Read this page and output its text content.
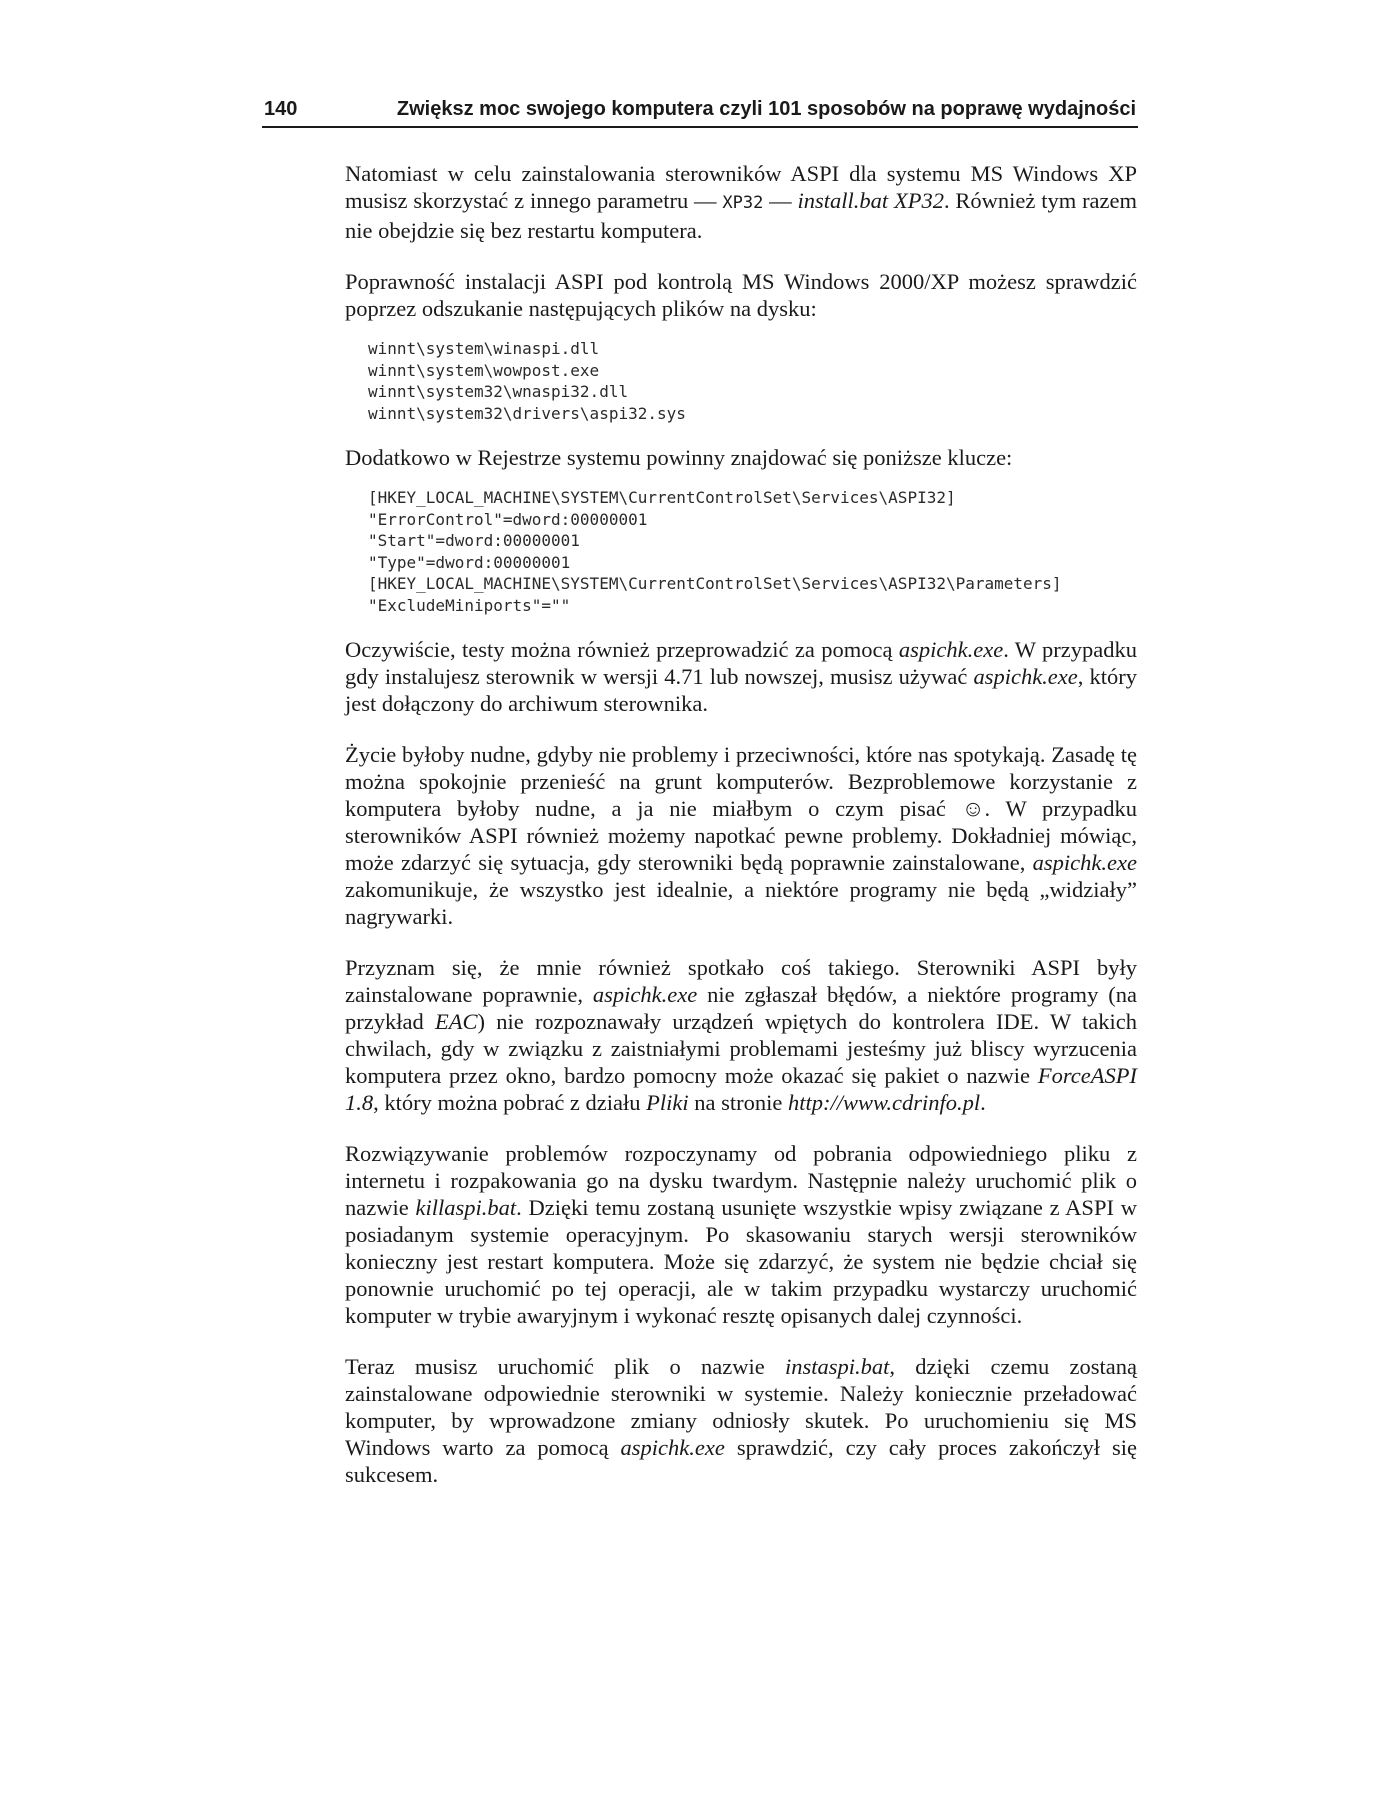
140	Zwiększ moc swojego komputera czyli 101 sposobów na poprawę wydajności

Natomiast w celu zainstalowania sterowników ASPI dla systemu MS Windows XP musisz skorzystać z innego parametru — XP32 — install.bat XP32. Również tym razem nie obejdzie się bez restartu komputera.

Poprawność instalacji ASPI pod kontrolą MS Windows 2000/XP możesz sprawdzić poprzez odszukanie następujących plików na dysku:

winnt\system\winaspi.dll
winnt\system\wowpost.exe
winnt\system32\wnaspi32.dll
winnt\system32\drivers\aspi32.sys

Dodatkowo w Rejestrze systemu powinny znajdować się poniższe klucze:

[HKEY_LOCAL_MACHINE\SYSTEM\CurrentControlSet\Services\ASPI32]
"ErrorControl"=dword:00000001
"Start"=dword:00000001
"Type"=dword:00000001
[HKEY_LOCAL_MACHINE\SYSTEM\CurrentControlSet\Services\ASPI32\Parameters]
"ExcludeMiniports"=""

Oczywiście, testy można również przeprowadzić za pomocą aspichk.exe. W przypadku gdy instalujesz sterownik w wersji 4.71 lub nowszej, musisz używać aspichk.exe, który jest dołączony do archiwum sterownika.

Życie byłoby nudne, gdyby nie problemy i przeciwności, które nas spotykają. Zasadę tę można spokojnie przenieść na grunt komputerów. Bezproblemowe korzystanie z komputera byłoby nudne, a ja nie miałbym o czym pisać ☺. W przypadku sterowników ASPI również możemy napotkać pewne problemy. Dokładniej mówiąc, może zdarzyć się sytuacja, gdy sterowniki będą poprawnie zainstalowane, aspichk.exe zakomunikuje, że wszystko jest idealnie, a niektóre programy nie będą „widziały” nagrywarki.

Przyznam się, że mnie również spotkało coś takiego. Sterowniki ASPI były zainstalowane poprawnie, aspichk.exe nie zgłaszał błędów, a niektóre programy (na przykład EAC) nie rozpoznawały urządzeń wpiętych do kontrolera IDE. W takich chwilach, gdy w związku z zaistniałymi problemami jesteśmy już bliscy wyrzucenia komputera przez okno, bardzo pomocny może okazać się pakiet o nazwie ForceASPI 1.8, który można pobrać z działu Pliki na stronie http://www.cdrinfo.pl.

Rozwiązywanie problemów rozpoczynamy od pobrania odpowiedniego pliku z internetu i rozpakowania go na dysku twardym. Następnie należy uruchomić plik o nazwie killaspi.bat. Dzięki temu zostaną usunięte wszystkie wpisy związane z ASPI w posiadanym systemie operacyjnym. Po skasowaniu starych wersji sterowników konieczny jest restart komputera. Może się zdarzyć, że system nie będzie chciał się ponownie uruchomić po tej operacji, ale w takim przypadku wystarczy uruchomić komputer w trybie awaryjnym i wykonać resztę opisanych dalej czynności.

Teraz musisz uruchomić plik o nazwie instaspi.bat, dzięki czemu zostaną zainstalowane odpowiednie sterowniki w systemie. Należy koniecznie przeładować komputer, by wprowadzone zmiany odniosły skutek. Po uruchomieniu się MS Windows warto za pomocą aspichk.exe sprawdzić, czy cały proces zakończył się sukcesem.
